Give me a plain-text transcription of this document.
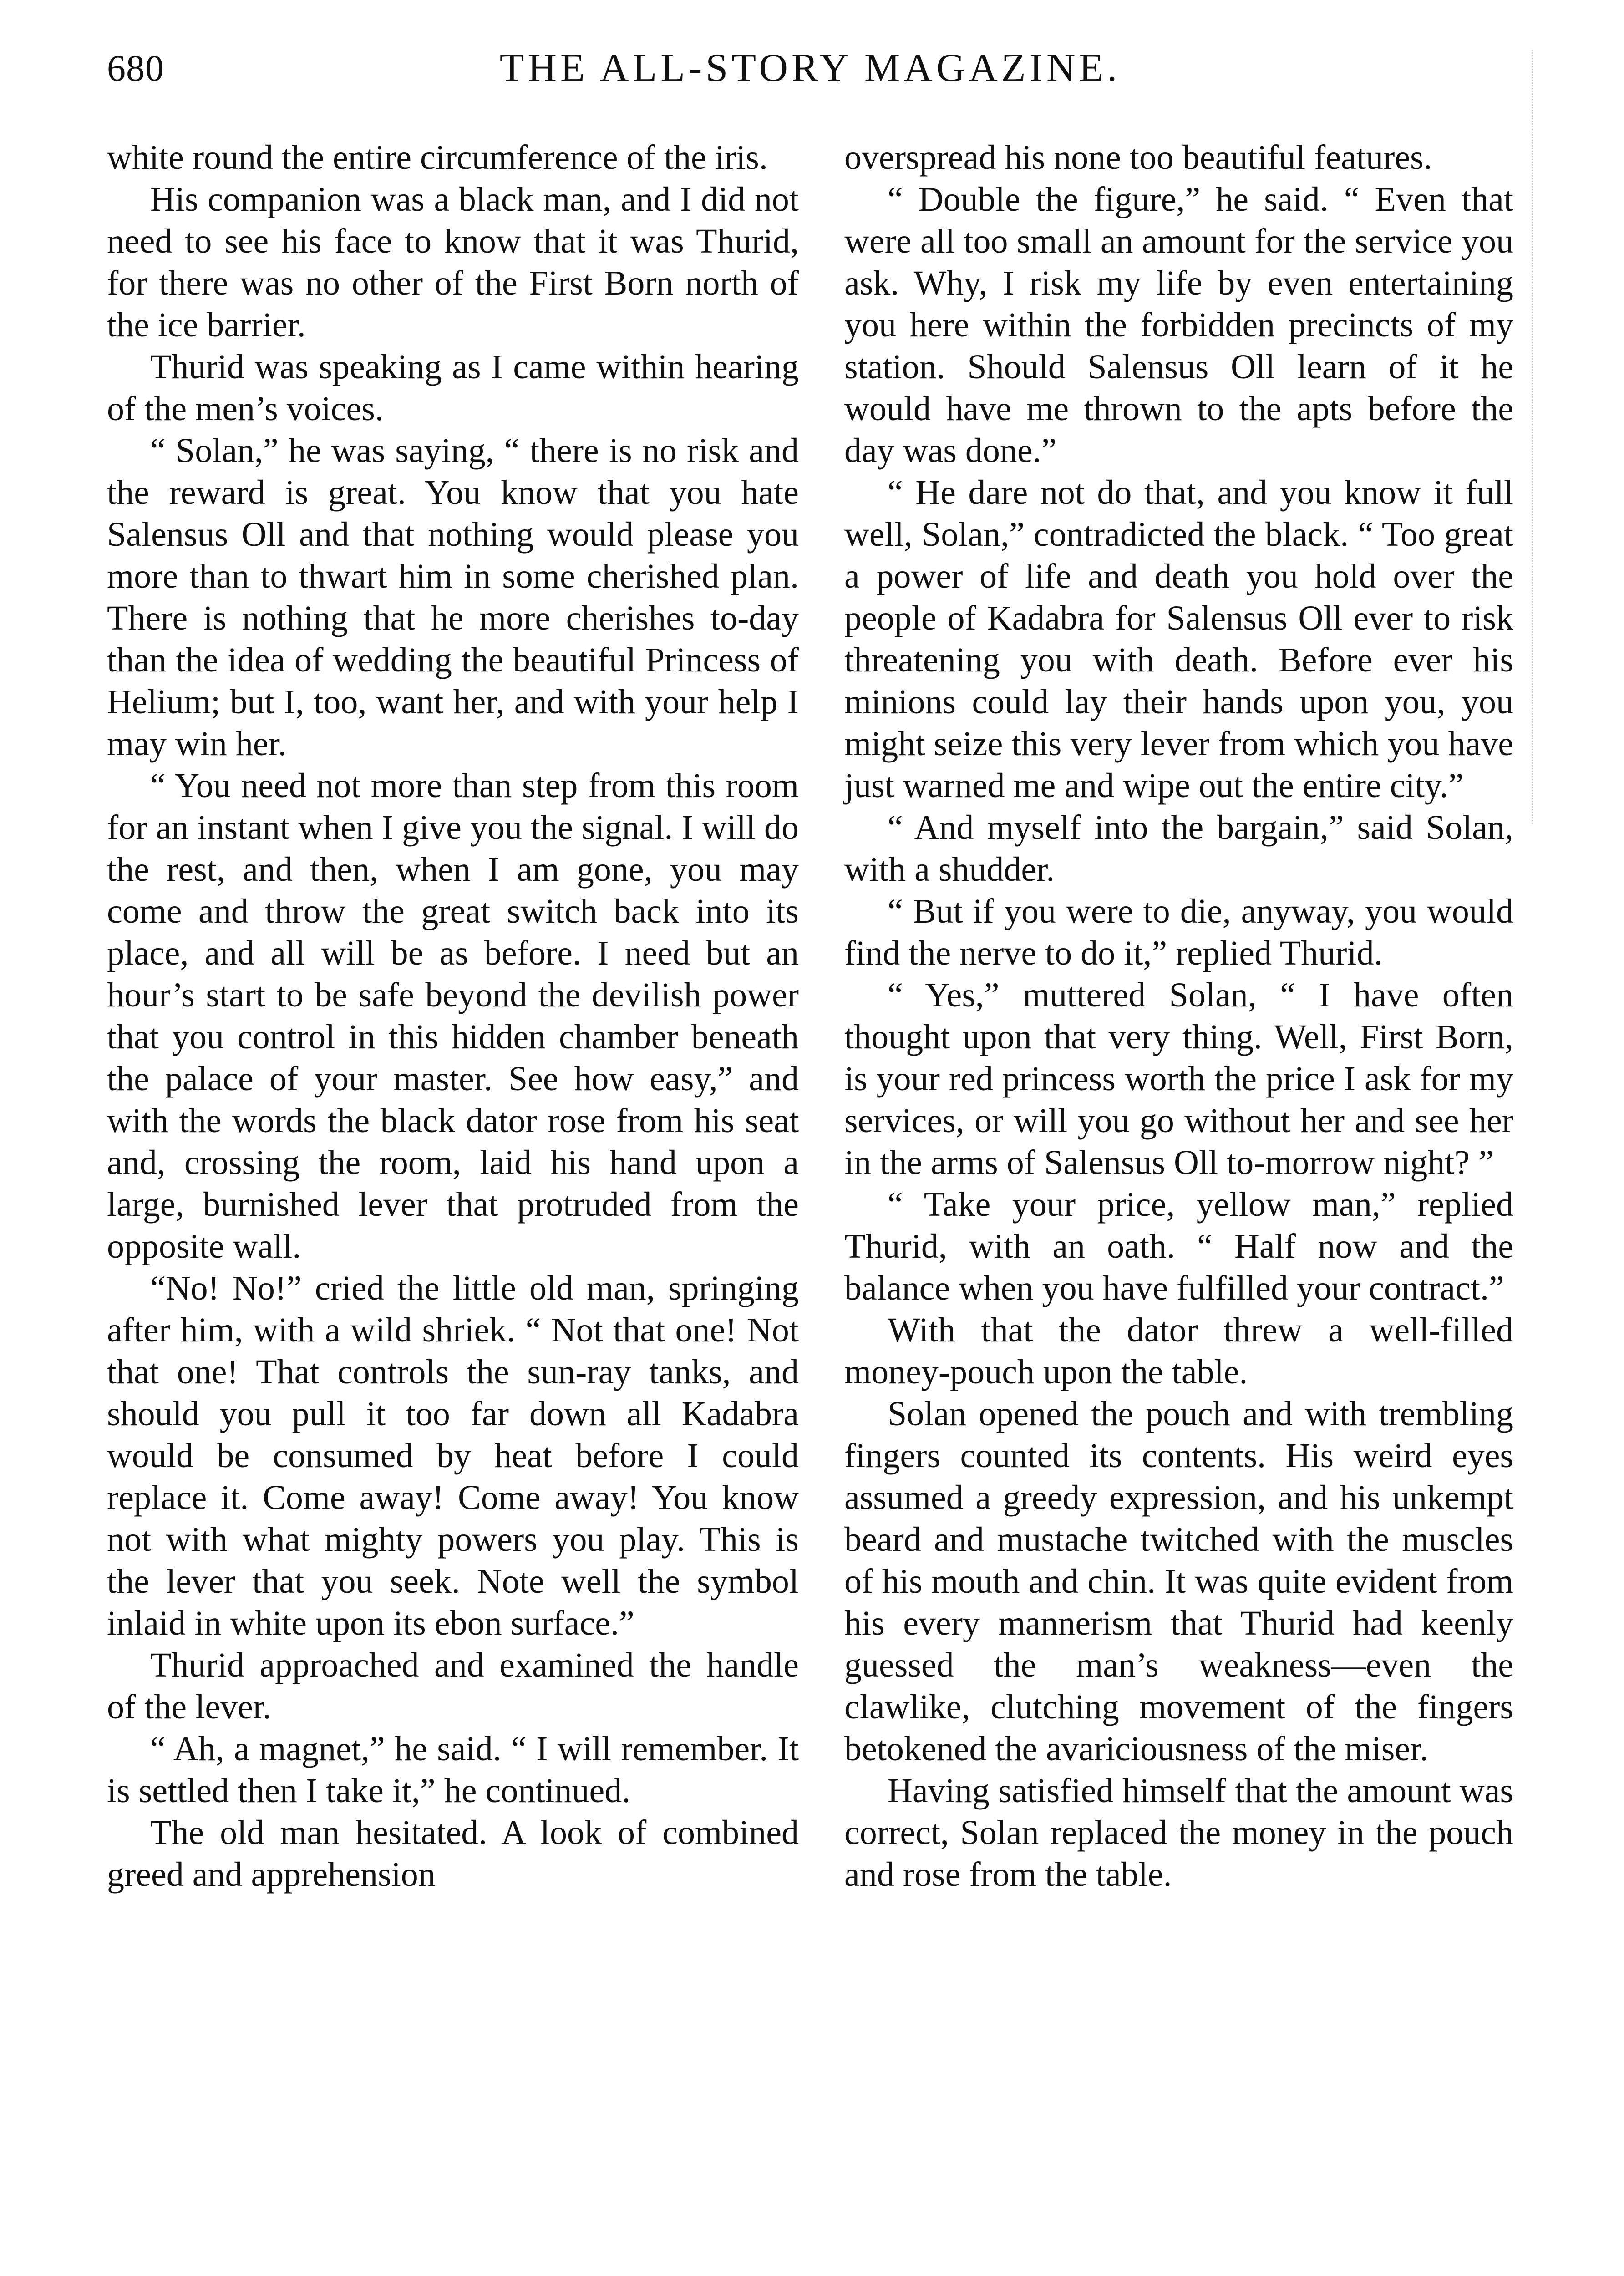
680	THE ALL-STORY MAGAZINE.

white round the entire circumference of the iris.

His companion was a black man, and I did not need to see his face to know that it was Thurid, for there was no other of the First Born north of the ice barrier.

Thurid was speaking as I came within hearing of the men’s voices.

“ Solan,” he was saying, “ there is no risk and the reward is great. You know that you hate Salensus Oll and that nothing would please you more than to thwart him in some cherished plan. There is nothing that he more cherishes to-day than the idea of wedding the beautiful Princess of Helium; but I, too, want her, and with your help I may win her.

“ You need not more than step from this room for an instant when I give you the signal. I will do the rest, and then, when I am gone, you may come and throw the great switch back into its place, and all will be as before. I need but an hour’s start to be safe beyond the devilish power that you control in this hidden chamber beneath the palace of your master. See how easy,” and with the words the black dator rose from his seat and, crossing the room, laid his hand upon a large, burnished lever that protruded from the opposite wall.

“No! No!” cried the little old man, springing after him, with a wild shriek. “ Not that one! Not that one! That controls the sun-ray tanks, and should you pull it too far down all Kadabra would be consumed by heat before I could replace it. Come away! Come away! You know not with what mighty powers you play. This is the lever that you seek. Note well the symbol inlaid in white upon its ebon surface.”

Thurid approached and examined the handle of the lever.

“ Ah, a magnet,” he said. “ I will remember. It is settled then I take it,” he continued.

The old man hesitated. A look of combined greed and apprehension

overspread his none too beautiful features.

“ Double the figure,” he said. “ Even that were all too small an amount for the service you ask. Why, I risk my life by even entertaining you here within the forbidden precincts of my station. Should Salensus Oll learn of it he would have me thrown to the apts before the day was done.”

“ He dare not do that, and you know it full well, Solan,” contradicted the black. “ Too great a power of life and death you hold over the people of Kadabra for Salensus Oll ever to risk threatening you with death. Before ever his minions could lay their hands upon you, you might seize this very lever from which you have just warned me and wipe out the entire city.”

“ And myself into the bargain,” said Solan, with a shudder.

“ But if you were to die, anyway, you would find the nerve to do it,” replied Thurid.

“ Yes,” muttered Solan, “ I have often thought upon that very thing. Well, First Born, is your red princess worth the price I ask for my services, or will you go without her and see her in the arms of Salensus Oll to-morrow night? ”

“ Take your price, yellow man,” replied Thurid, with an oath. “ Half now and the balance when you have fulfilled your contract.”

With that the dator threw a well-filled money-pouch upon the table.

Solan opened the pouch and with trembling fingers counted its contents. His weird eyes assumed a greedy expression, and his unkempt beard and mustache twitched with the muscles of his mouth and chin. It was quite evident from his every mannerism that Thurid had keenly guessed the man’s weakness—even the clawlike, clutching movement of the fingers betokened the avariciousness of the miser.

Having satisfied himself that the amount was correct, Solan replaced the money in the pouch and rose from the table.
